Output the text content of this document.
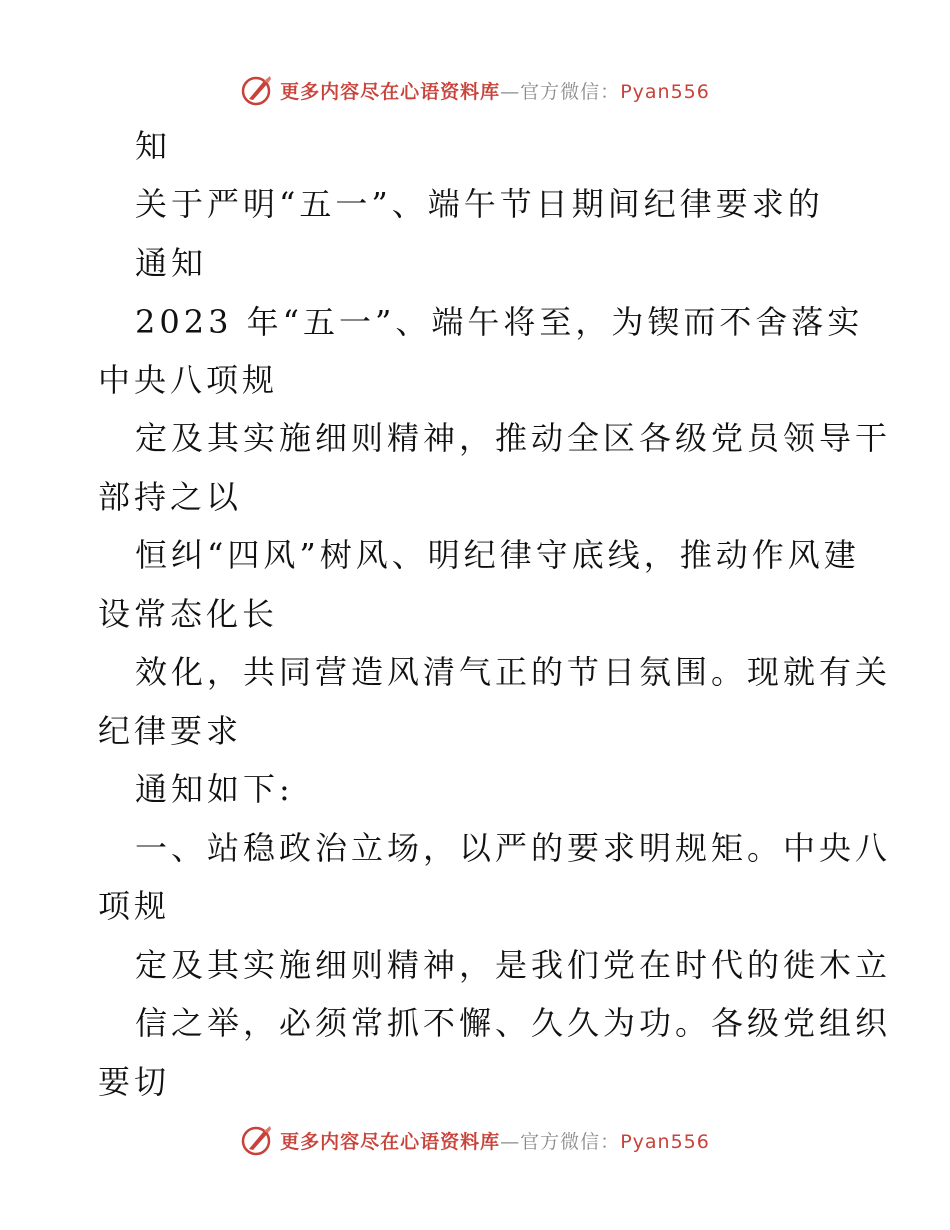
更多内容尽在心语资料库—官方微信：Pyan556
知
关于严明“五一”、端午节日期间纪律要求的
通知
2023 年“五一”、端午将至，为锲而不舍落实
中央八项规
定及其实施细则精神，推动全区各级党员领导干
部持之以
恒纠“四风”树风、明纪律守底线，推动作风建
设常态化长
效化，共同营造风清气正的节日氛围。现就有关
纪律要求
通知如下:
一、站稳政治立场，以严的要求明规矩。中央八
项规
定及其实施细则精神，是我们党在时代的徙木立
信之举，必须常抓不懈、久久为功。各级党组织
要切
更多内容尽在心语资料库—官方微信：Pyan556
